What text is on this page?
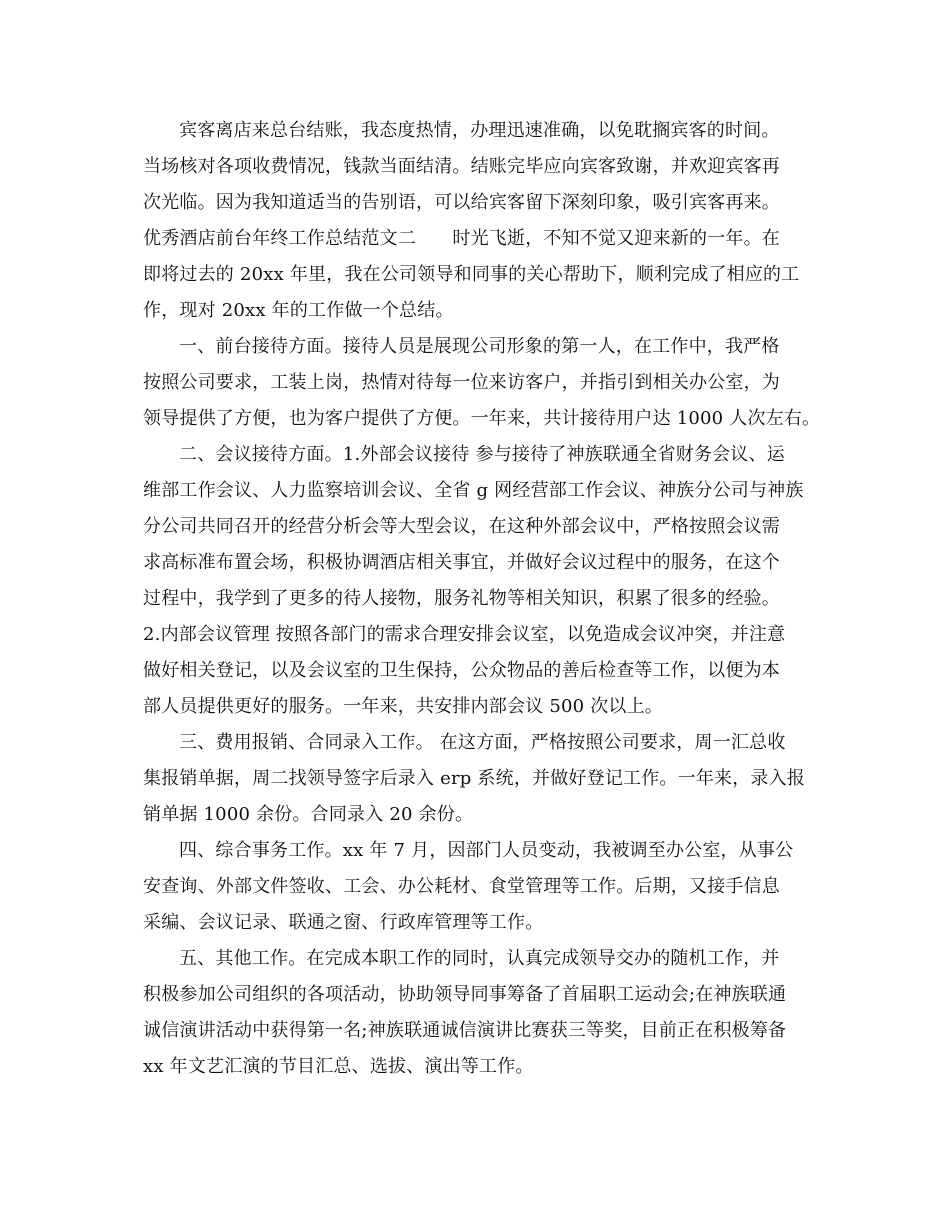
宾客离店来总台结账，我态度热情，办理迅速准确，以免耽搁宾客的时间。
当场核对各项收费情况，钱款当面结清。结账完毕应向宾客致谢，并欢迎宾客再
次光临。因为我知道适当的告别语，可以给宾客留下深刻印象，吸引宾客再来。
优秀酒店前台年终工作总结范文二　　时光飞逝，不知不觉又迎来新的一年。在
即将过去的 20xx 年里，我在公司领导和同事的关心帮助下，顺利完成了相应的工
作，现对 20xx 年的工作做一个总结。
一、前台接待方面。接待人员是展现公司形象的第一人，在工作中，我严格
按照公司要求，工装上岗，热情对待每一位来访客户，并指引到相关办公室，为
领导提供了方便，也为客户提供了方便。一年来，共计接待用户达 1000 人次左右。
二、会议接待方面。1.外部会议接待 参与接待了神族联通全省财务会议、运
维部工作会议、人力监察培训会议、全省 g 网经营部工作会议、神族分公司与神族
分公司共同召开的经营分析会等大型会议，在这种外部会议中，严格按照会议需
求高标准布置会场，积极协调酒店相关事宜，并做好会议过程中的服务，在这个
过程中，我学到了更多的待人接物，服务礼物等相关知识，积累了很多的经验。
2.内部会议管理 按照各部门的需求合理安排会议室，以免造成会议冲突，并注意
做好相关登记，以及会议室的卫生保持，公众物品的善后检查等工作，以便为本
部人员提供更好的服务。一年来，共安排内部会议 500 次以上。
三、费用报销、合同录入工作。 在这方面，严格按照公司要求，周一汇总收
集报销单据，周二找领导签字后录入 erp 系统，并做好登记工作。一年来，录入报
销单据 1000 余份。合同录入 20 余份。
四、综合事务工作。xx 年 7 月，因部门人员变动，我被调至办公室，从事公
安查询、外部文件签收、工会、办公耗材、食堂管理等工作。后期，又接手信息
采编、会议记录、联通之窗、行政库管理等工作。
五、其他工作。在完成本职工作的同时，认真完成领导交办的随机工作，并
积极参加公司组织的各项活动，协助领导同事筹备了首届职工运动会;在神族联通
诚信演讲活动中获得第一名;神族联通诚信演讲比赛获三等奖，目前正在积极筹备
xx 年文艺汇演的节目汇总、选拔、演出等工作。
